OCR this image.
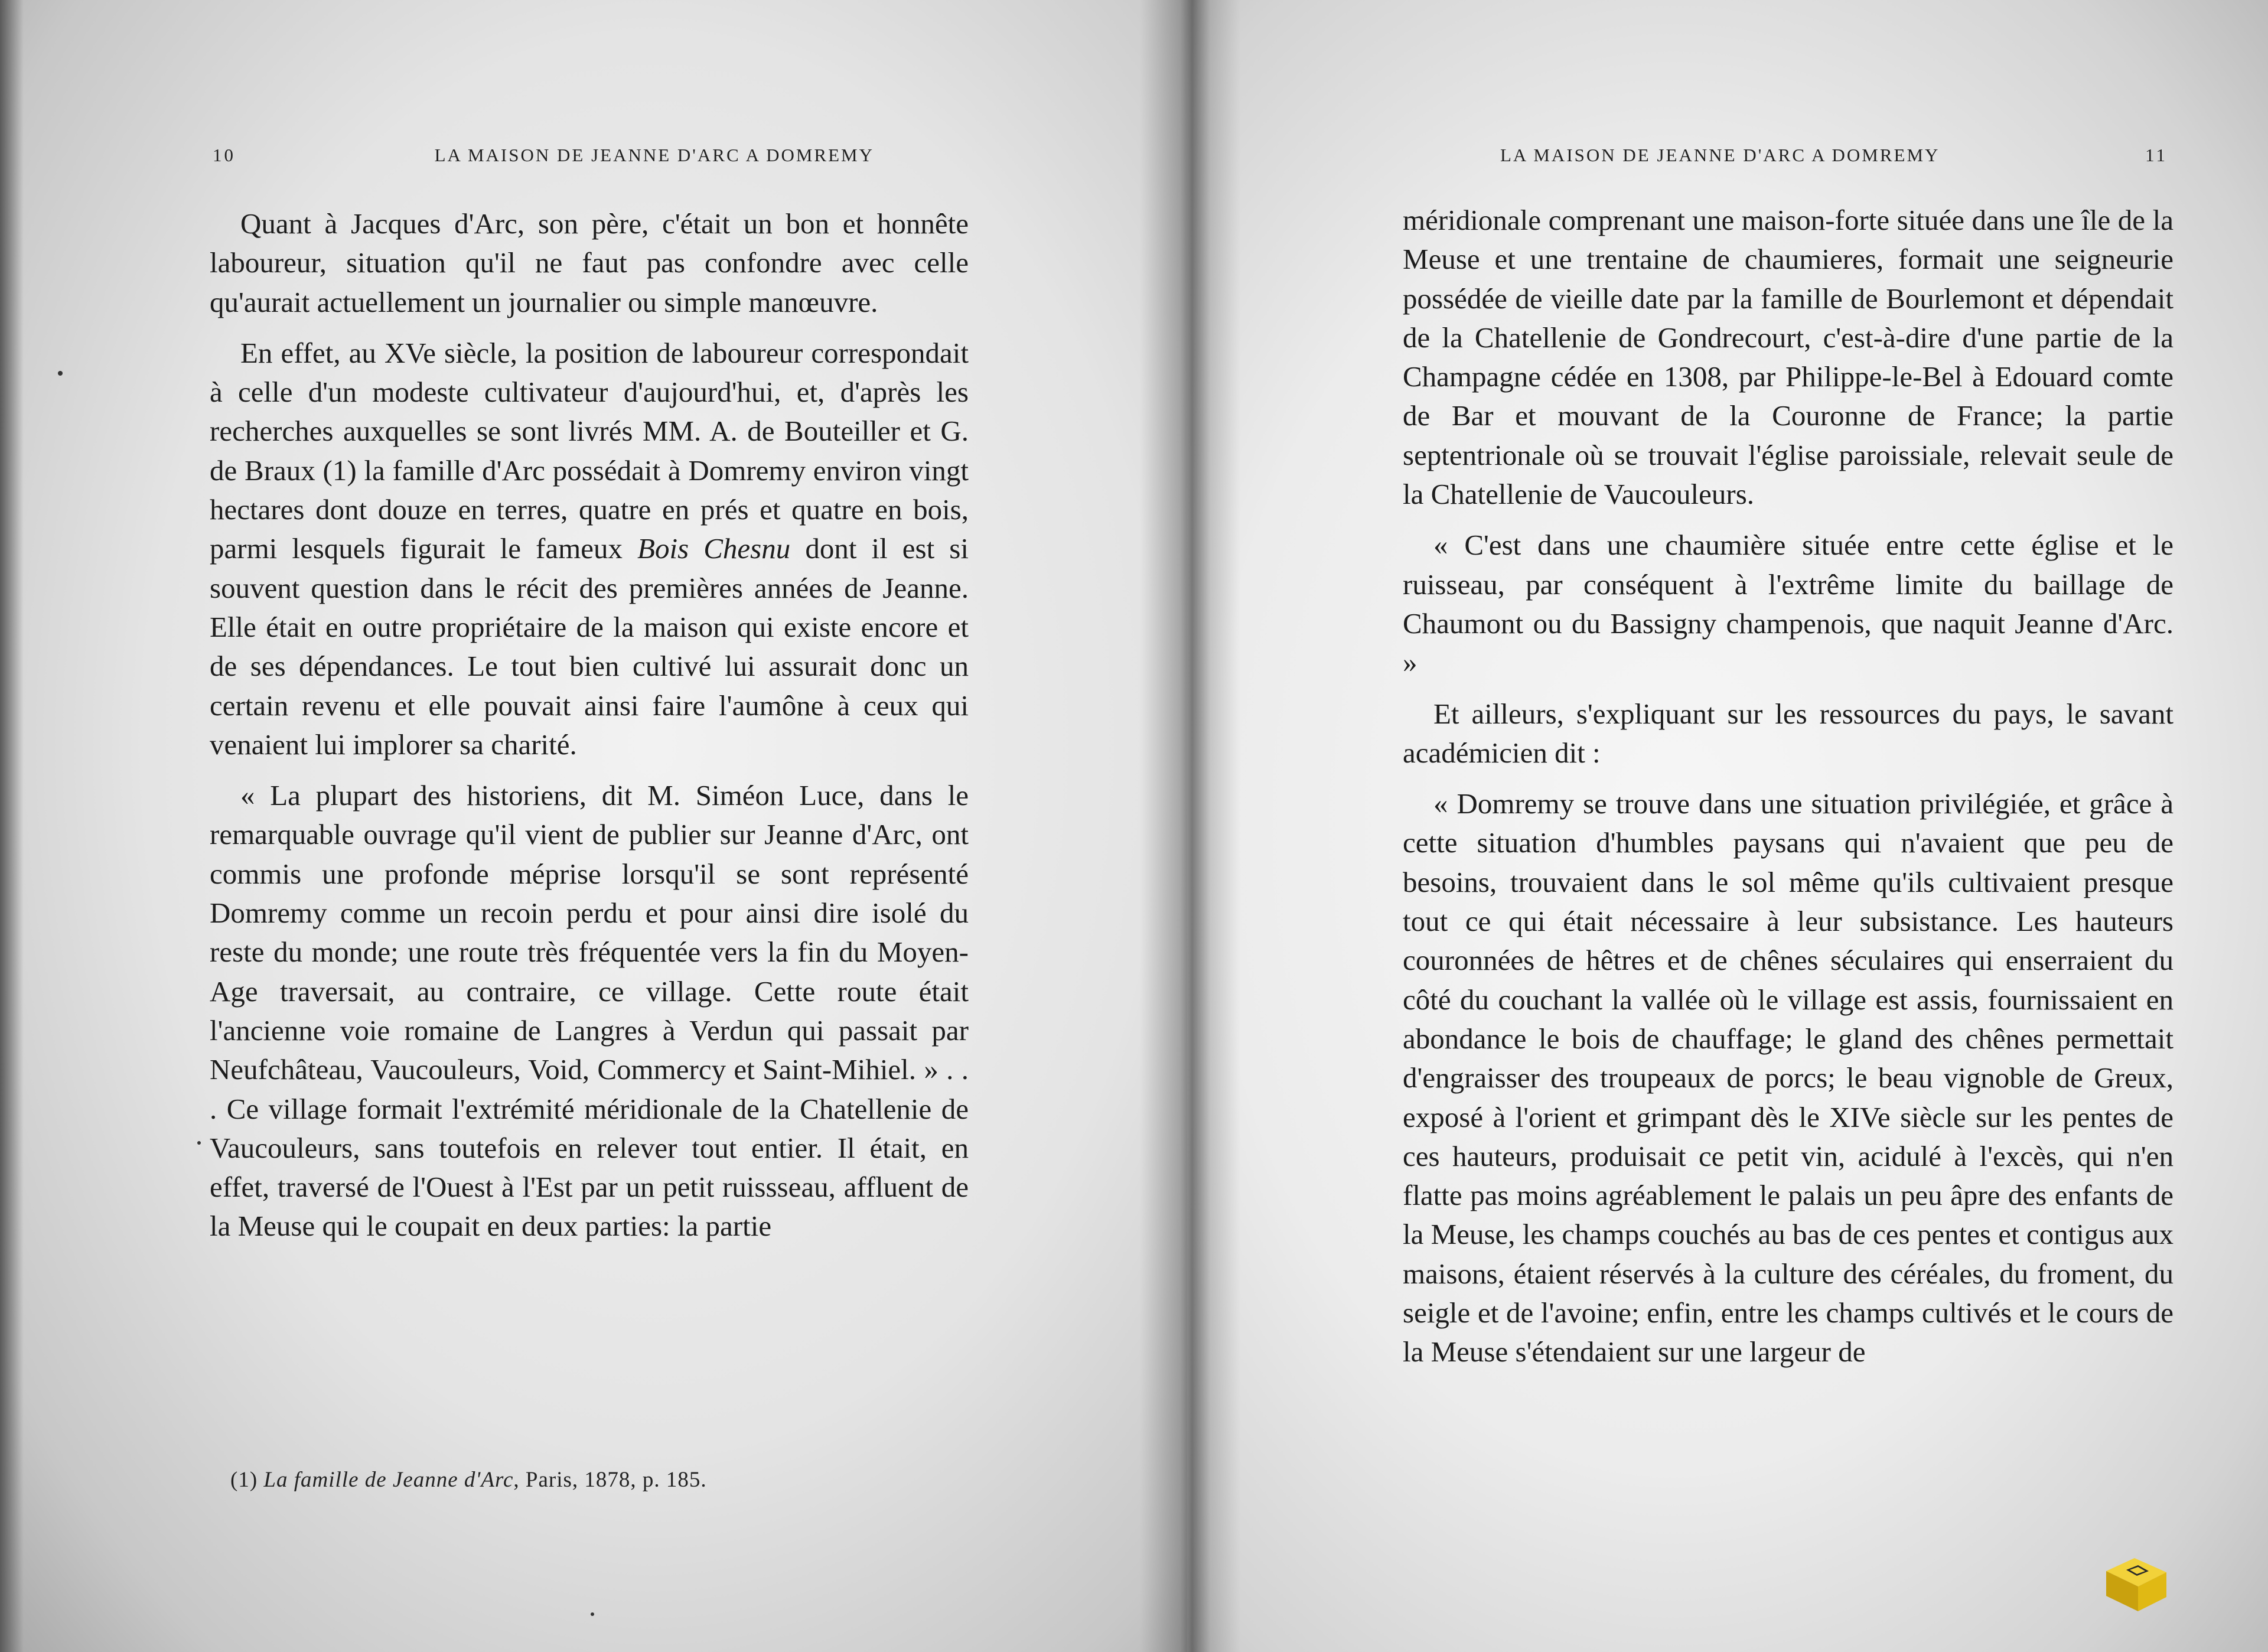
10	LA MAISON DE JEANNE D'ARC A DOMREMY

Quant à Jacques d'Arc, son père, c'était un bon et honnête laboureur, situation qu'il ne faut pas confondre avec celle qu'aurait actuellement un journalier ou simple manœuvre.

En effet, au XVe siècle, la position de laboureur correspondait à celle d'un modeste cultivateur d'aujourd'hui, et, d'après les recherches auxquelles se sont livrés MM. A. de Bouteiller et G. de Braux (1) la famille d'Arc possédait à Domremy environ vingt hectares dont douze en terres, quatre en prés et quatre en bois, parmi lesquels figurait le fameux Bois Chesnu dont il est si souvent question dans le récit des premières années de Jeanne. Elle était en outre propriétaire de la maison qui existe encore et de ses dépendances. Le tout bien cultivé lui assurait donc un certain revenu et elle pouvait ainsi faire l'aumône à ceux qui venaient lui implorer sa charité.

« La plupart des historiens, dit M. Siméon Luce, dans le remarquable ouvrage qu'il vient de publier sur Jeanne d'Arc, ont commis une profonde méprise lorsqu'il se sont représenté Domremy comme un recoin perdu et pour ainsi dire isolé du reste du monde; une route très fréquentée vers la fin du Moyen-Age traversait, au contraire, ce village. Cette route était l'ancienne voie romaine de Langres à Verdun qui passait par Neufchâteau, Vaucouleurs, Void, Commercy et Saint-Mihiel. » . . . Ce village formait l'extrémité méridionale de la Chatellenie de Vaucouleurs, sans toutefois en relever tout entier. Il était, en effet, traversé de l'Ouest à l'Est par un petit ruissseau, affluent de la Meuse qui le coupait en deux parties: la partie

(1) La famille de Jeanne d'Arc, Paris, 1878, p. 185.
LA MAISON DE JEANNE D'ARC A DOMREMY	11

méridionale comprenant une maison-forte située dans une île de la Meuse et une trentaine de chaumieres, formait une seigneurie possédée de vieille date par la famille de Bourlemont et dépendait de la Chatellenie de Gondrecourt, c'est-à-dire d'une partie de la Champagne cédée en 1308, par Philippe-le-Bel à Edouard comte de Bar et mouvant de la Couronne de France; la partie septentrionale où se trouvait l'église paroissiale, relevait seule de la Chatellenie de Vaucouleurs.

« C'est dans une chaumière située entre cette église et le ruisseau, par conséquent à l'extrême limite du baillage de Chaumont ou du Bassigny champenois, que naquit Jeanne d'Arc. »

Et ailleurs, s'expliquant sur les ressources du pays, le savant académicien dit :

« Domremy se trouve dans une situation privilégiée, et grâce à cette situation d'humbles paysans qui n'avaient que peu de besoins, trouvaient dans le sol même qu'ils cultivaient presque tout ce qui était nécessaire à leur subsistance. Les hauteurs couronnées de hêtres et de chênes séculaires qui enserraient du côté du couchant la vallée où le village est assis, fournissaient en abondance le bois de chauffage; le gland des chênes permettait d'engraisser des troupeaux de porcs; le beau vignoble de Greux, exposé à l'orient et grimpant dès le XIVe siècle sur les pentes de ces hauteurs, produisait ce petit vin, acidulé à l'excès, qui n'en flatte pas moins agréablement le palais un peu âpre des enfants de la Meuse, les champs couchés au bas de ces pentes et contigus aux maisons, étaient réservés à la culture des céréales, du froment, du seigle et de l'avoine; enfin, entre les champs cultivés et le cours de la Meuse s'étendaient sur une largeur de
